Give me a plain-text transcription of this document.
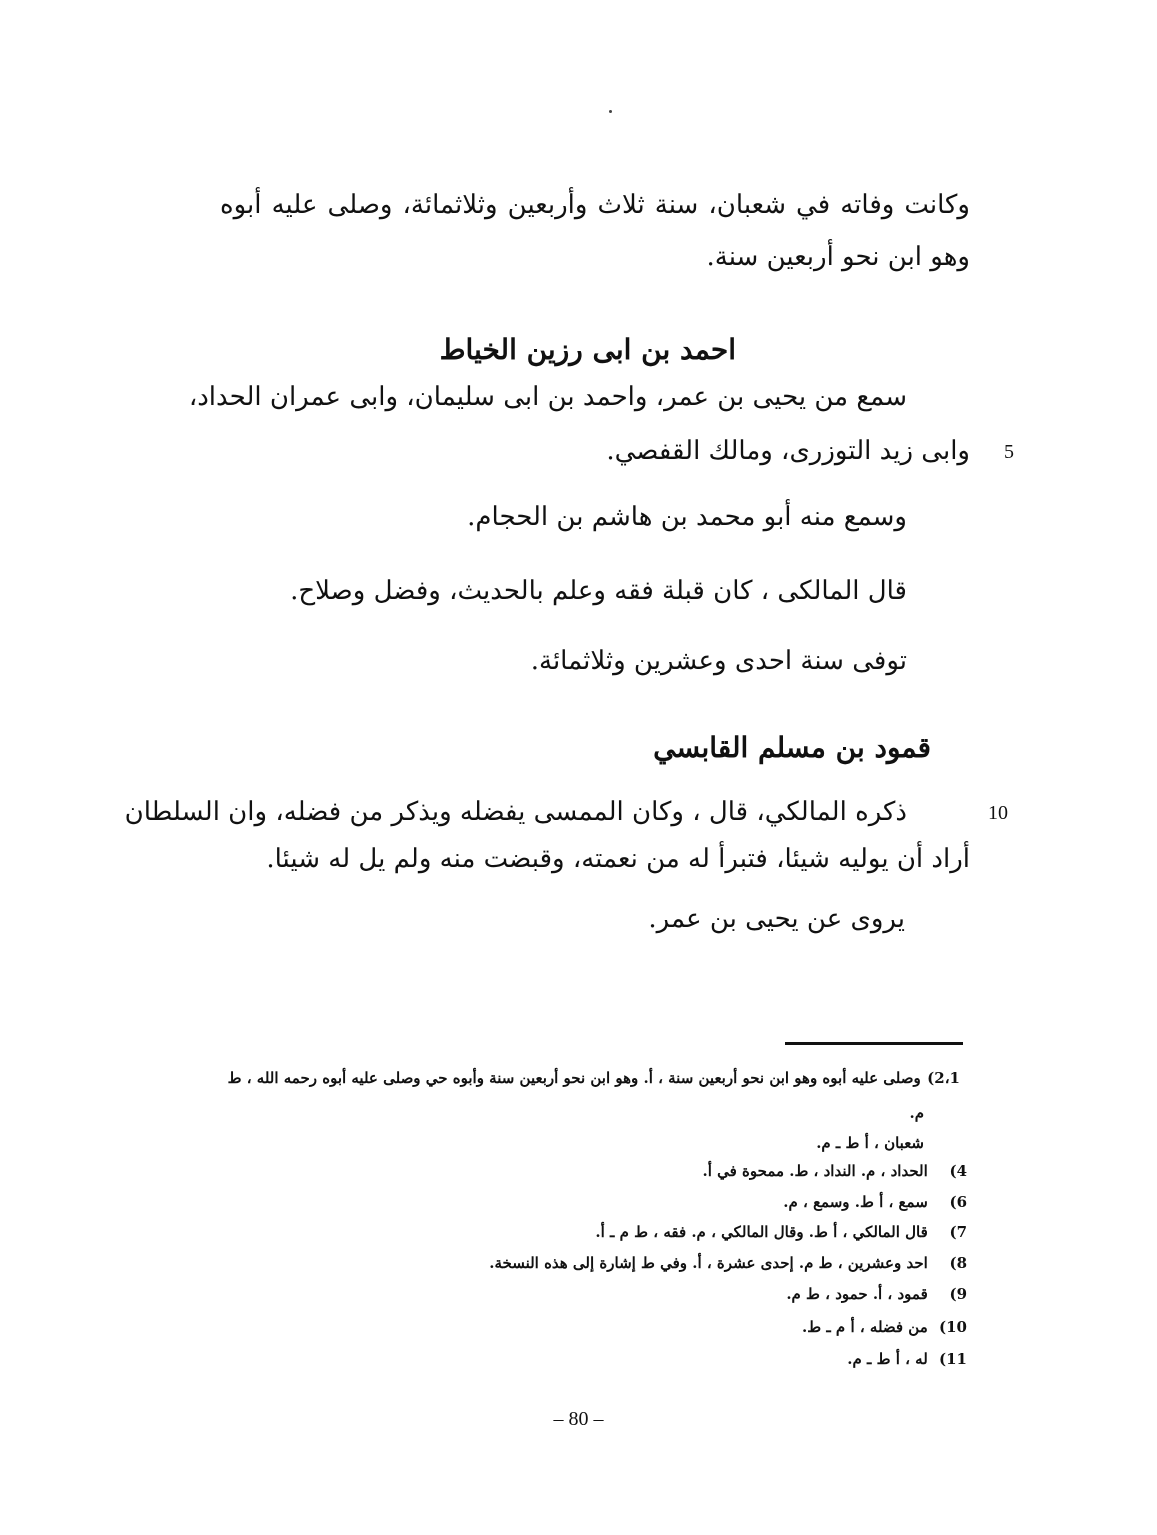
وكانت وفاته في شعبان، سنة ثلاث وأربعين وثلاثمائة، وصلى عليه أبوه
وهو ابن نحو أربعين سنة.
احمد بن ابى رزين الخياط
سمع من يحيى بن عمر، واحمد بن ابى سليمان، وابى عمران الحداد،
وابى زيد التوزرى، ومالك القفصي. 5
وسمع منه أبو محمد بن هاشم بن الحجام.
قال المالكى ، كان قبلة فقه وعلم بالحديث، وفضل وصلاح.
توفى سنة احدى وعشرين وثلاثمائة.
قمود بن مسلم القابسي
ذكره المالكي، قال ، وكان الممسى يفضله ويذكر من فضله، وان السلطان	10
أراد أن يوليه شيئا، فتبرأ له من نعمته، وقبضت منه ولم يل له شيئا.
يروى عن يحيى بن عمر.
2،1) وصلى عليه أبوه وهو ابن نحو أربعين سنة ، أ. وهو ابن نحو أربعين سنة وأبوه حي وصلى عليه أبوه رحمه الله ، ط
م.
شعبان ، أ ط ـ م.
4) الحداد ، م. النداد ، ط. ممحوة في أ.
6) سمع ، أ ط. وسمع ، م.
7) قال المالكي ، أ ط. وقال المالكي ، م. فقه ، ط م ـ أ.
8) احد وعشرين ، ط م. إحدى عشرة ، أ. وفي ط إشارة إلى هذه النسخة.
9) قمود ، أ. حمود ، ط م.
10) من فضله ، أ م ـ ط.
11) له ، أ ط ـ م.
– 80 –
